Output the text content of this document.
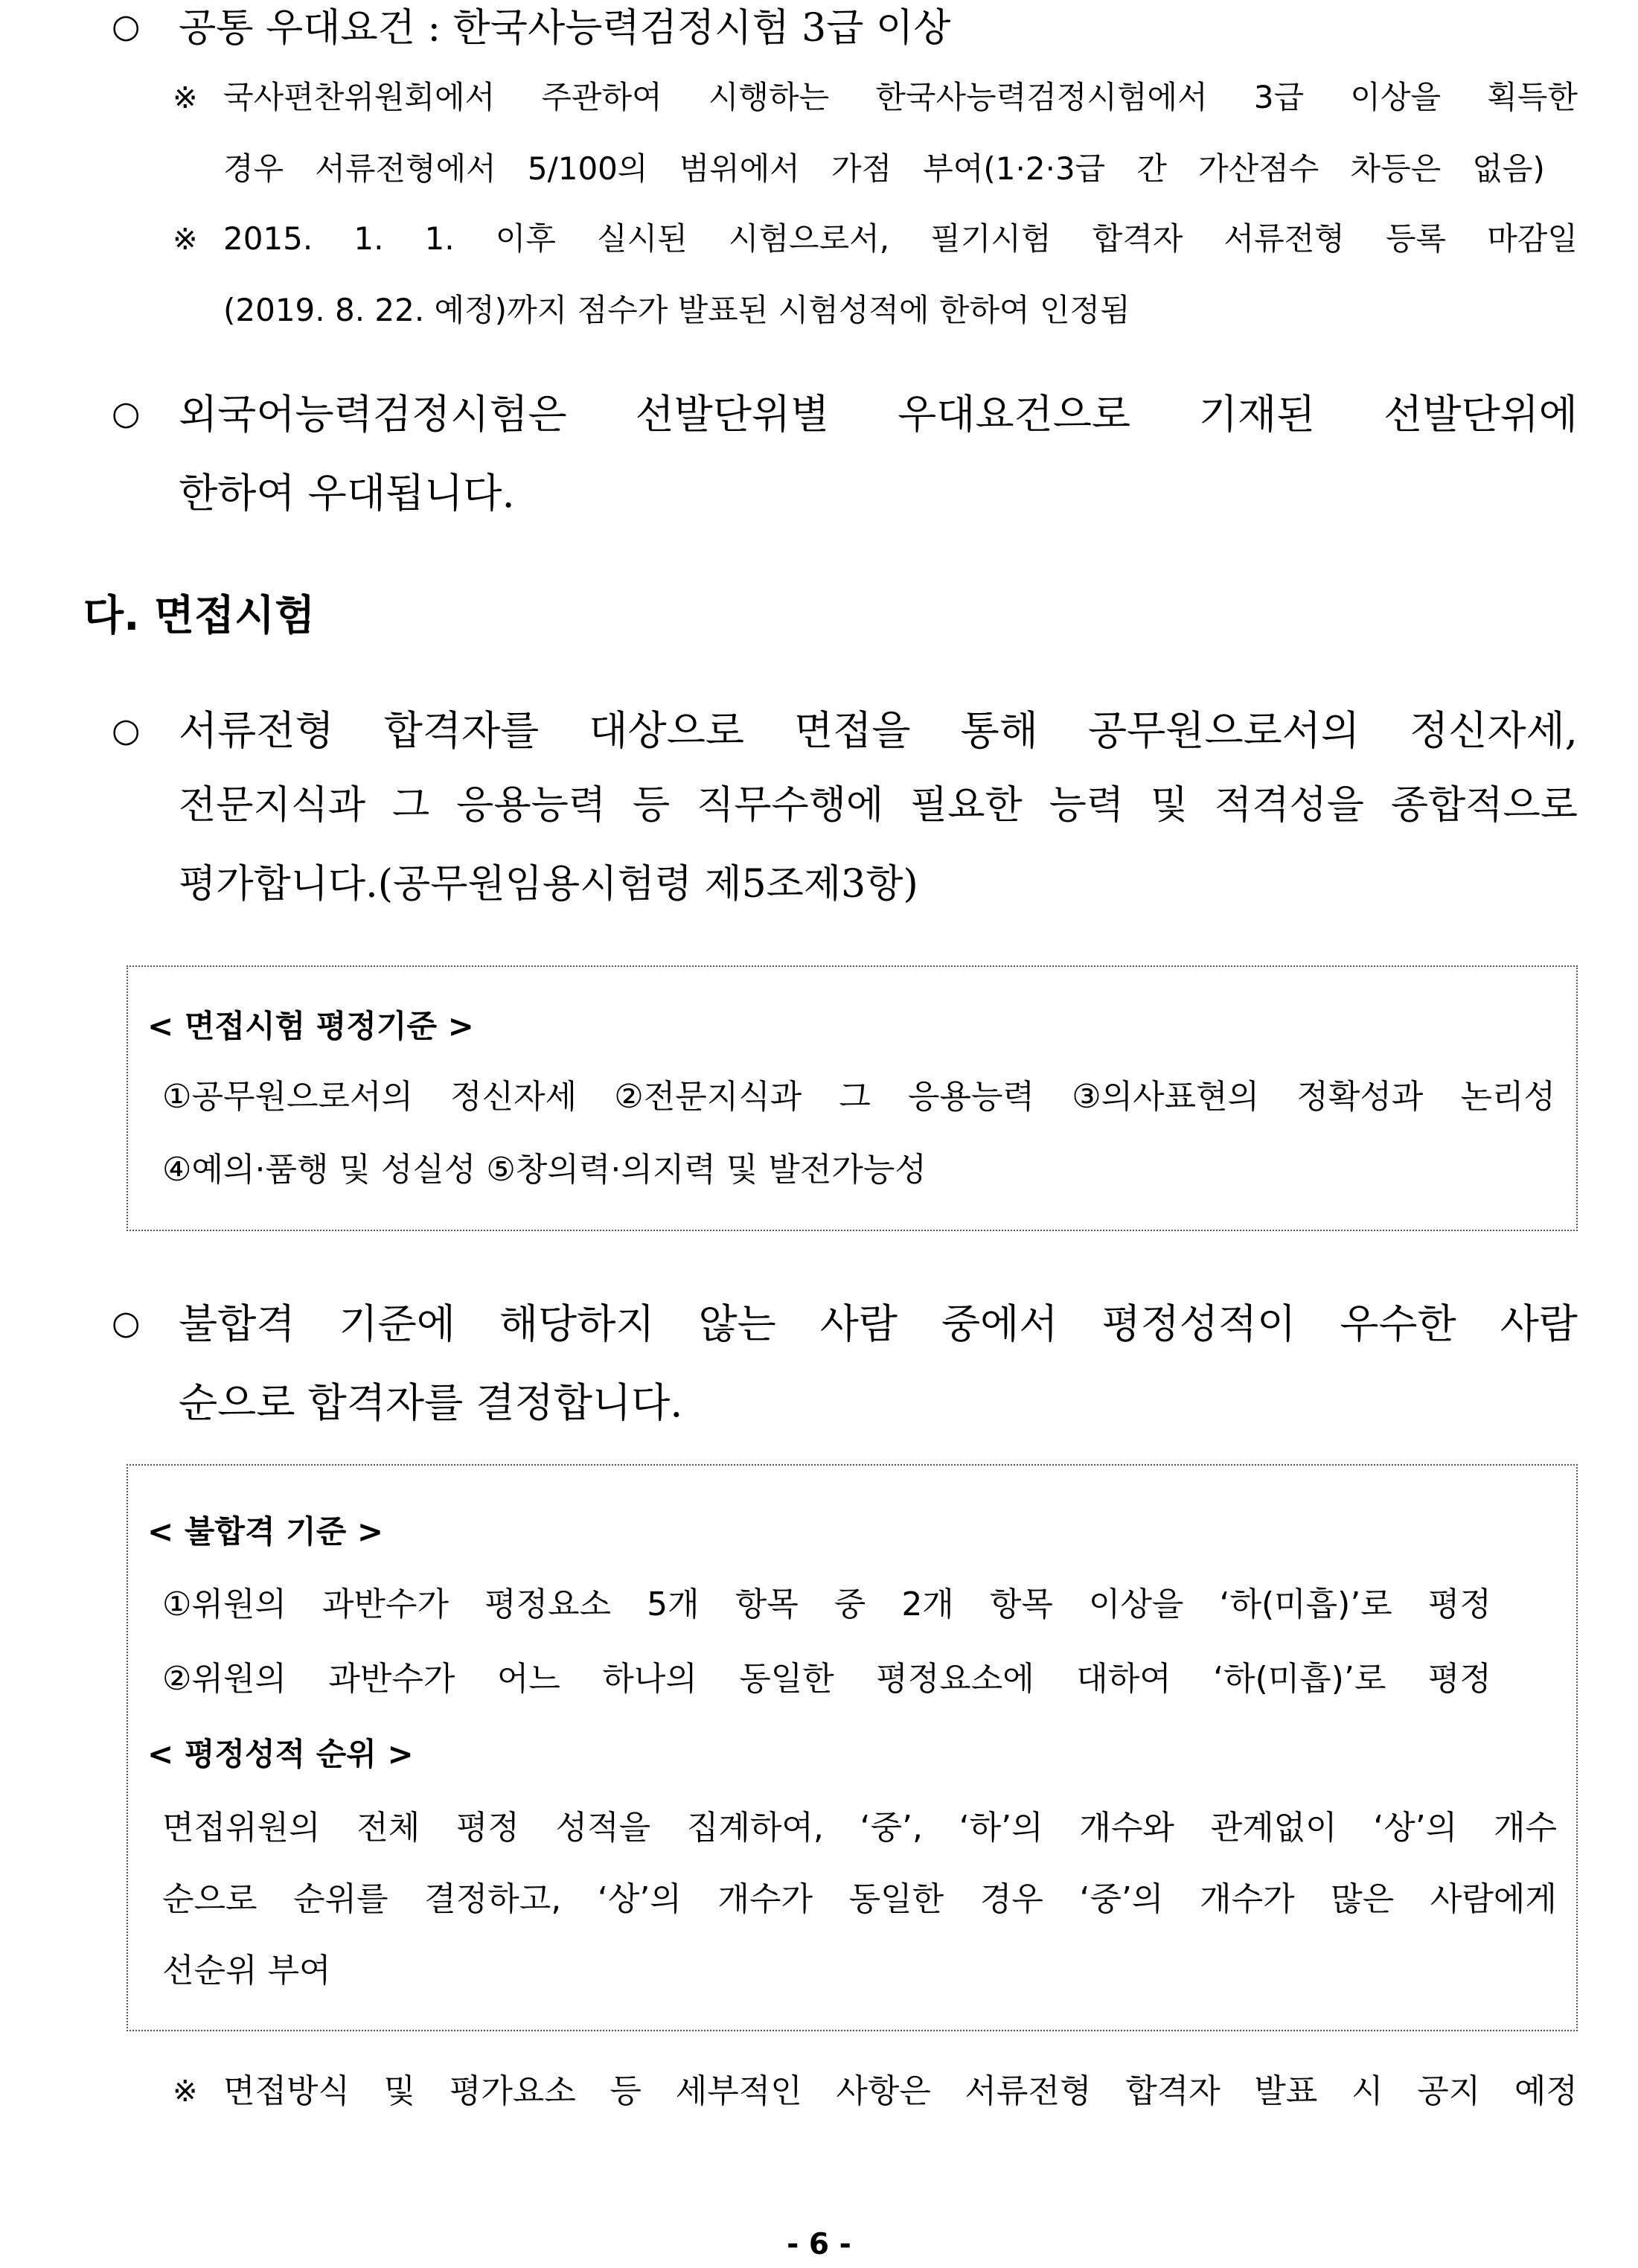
○ 공통 우대요건 : 한국사능력검정시험 3급 이상
※ 국사편찬위원회에서 주관하여 시행하는 한국사능력검정시험에서 3급 이상을 획득한
경우 서류전형에서 5/100의 범위에서 가점 부여(1·2·3급 간 가산점수 차등은 없음)
※ 2015. 1. 1. 이후 실시된 시험으로서, 필기시험 합격자 서류전형 등록 마감일
(2019. 8. 22. 예정)까지 점수가 발표된 시험성적에 한하여 인정됨
○ 외국어능력검정시험은 선발단위별 우대요건으로 기재된 선발단위에
한하여 우대됩니다.
다. 면접시험
○ 서류전형 합격자를 대상으로 면접을 통해 공무원으로서의 정신자세,
전문지식과 그 응용능력 등 직무수행에 필요한 능력 및 적격성을 종합적으로
평가합니다.(공무원임용시험령 제5조제3항)
< 면접시험 평정기준 >
①공무원으로서의 정신자세 ②전문지식과 그 응용능력 ③의사표현의 정확성과 논리성
④예의·품행 및 성실성 ⑤창의력·의지력 및 발전가능성
○ 불합격 기준에 해당하지 않는 사람 중에서 평정성적이 우수한 사람
순으로 합격자를 결정합니다.
< 불합격 기준 >
①위원의 과반수가 평정요소 5개 항목 중 2개 항목 이상을 ‘하(미흡)’로 평정
②위원의 과반수가 어느 하나의 동일한 평정요소에 대하여 ‘하(미흡)’로 평정
< 평정성적 순위 >
면접위원의 전체 평정 성적을 집계하여, ‘중’, ‘하’의 개수와 관계없이 ‘상’의 개수
순으로 순위를 결정하고, ‘상’의 개수가 동일한 경우 ‘중’의 개수가 많은 사람에게
선순위 부여
※ 면접방식 및 평가요소 등 세부적인 사항은 서류전형 합격자 발표 시 공지 예정
- 6 -
